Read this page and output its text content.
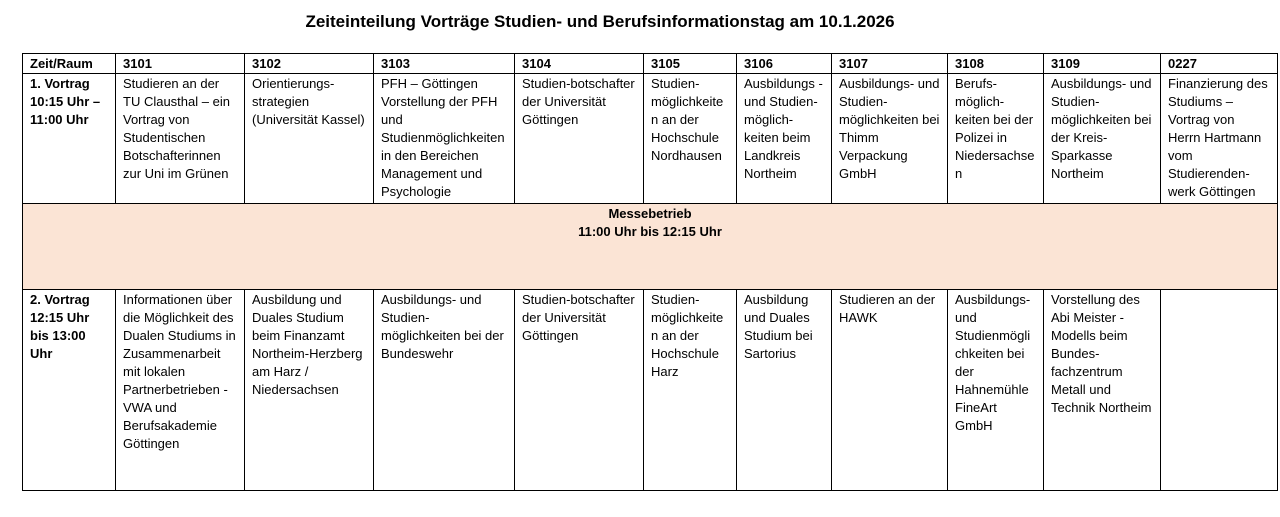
Zeiteinteilung Vorträge Studien- und Berufsinformationstag am 10.1.2026
Zeit/Raum	3101	3102	3103	3104	3105	3106	3107	3108	3109	0227
1. Vortrag 10:15 Uhr – 11:00 Uhr	Studieren an der TU Clausthal – ein Vortrag von Studentischen Botschafterinnen zur Uni im Grünen	Orientierungs-strategien (Universität Kassel)	PFH – Göttingen Vorstellung der PFH und Studienmöglichkeiten in den Bereichen Management und Psychologie	Studien-botschafter der Universität Göttingen	Studien-möglichkeiten an der Hochschule Nordhausen	Ausbildungs - und Studien-möglich-keiten beim Landkreis Northeim	Ausbildungs- und Studien-möglichkeiten bei Thimm Verpackung GmbH	Berufs-möglich-keiten bei der Polizei in Niedersachsen	Ausbildungs- und Studien-möglichkeiten bei der Kreis-Sparkasse Northeim	Finanzierung des Studiums – Vortrag von Herrn Hartmann vom Studierenden-werk Göttingen

Messebetrieb
11:00 Uhr bis 12:15 Uhr										

2. Vortrag 12:15 Uhr bis 13:00 Uhr	Informationen über die Möglichkeit des Dualen Studiums in Zusammenarbeit mit lokalen Partnerbetrieben - VWA und Berufsakademie Göttingen	Ausbildung und Duales Studium beim Finanzamt Northeim-Herzberg am Harz / Niedersachsen	Ausbildungs- und Studien-möglichkeiten bei der Bundeswehr	Studien-botschafter der Universität Göttingen	Studien-möglichkeiten an der Hochschule Harz	Ausbildung und Duales Studium bei Sartorius	Studieren an der HAWK	Ausbildungs- und Studienmöglichkeiten bei der Hahnemühle FineArt GmbH	Vorstellung des Abi Meister - Modells beim Bundes-fachzentrum Metall und Technik Northeim	
